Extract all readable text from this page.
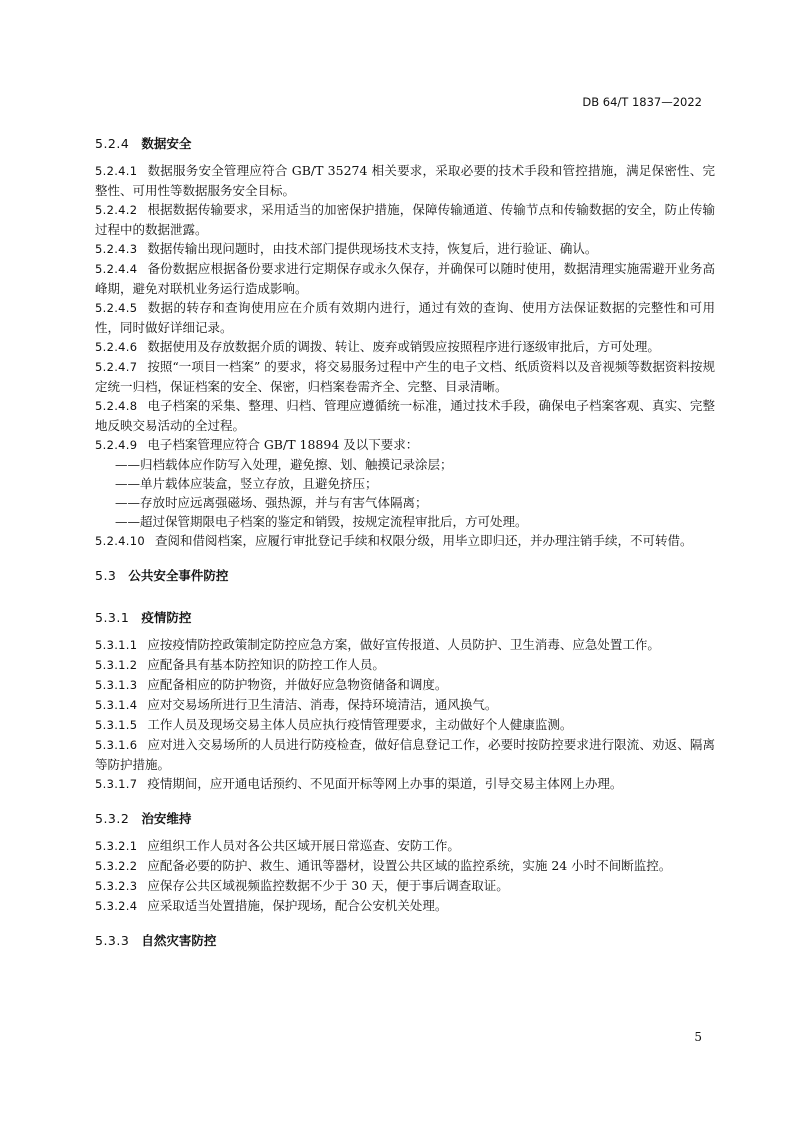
DB 64/T 1837—2022
5.2.4 数据安全

5.2.4.1 数据服务安全管理应符合 GB/T 35274 相关要求，采取必要的技术手段和管控措施，满足保密性、完整性、可用性等数据服务安全目标。

5.2.4.2 根据数据传输要求，采用适当的加密保护措施，保障传输通道、传输节点和传输数据的安全，防止传输过程中的数据泄露。

5.2.4.3 数据传输出现问题时，由技术部门提供现场技术支持，恢复后，进行验证、确认。

5.2.4.4 备份数据应根据备份要求进行定期保存或永久保存，并确保可以随时使用，数据清理实施需避开业务高峰期，避免对联机业务运行造成影响。

5.2.4.5 数据的转存和查询使用应在介质有效期内进行，通过有效的查询、使用方法保证数据的完整性和可用性，同时做好详细记录。

5.2.4.6 数据使用及存放数据介质的调拨、转让、废弃或销毁应按照程序进行逐级审批后，方可处理。

5.2.4.7 按照“一项目一档案” 的要求，将交易服务过程中产生的电子文档、纸质资料以及音视频等数据资料按规定统一归档，保证档案的安全、保密，归档案卷需齐全、完整、目录清晰。

5.2.4.8 电子档案的采集、整理、归档、管理应遵循统一标准，通过技术手段，确保电子档案客观、真实、完整地反映交易活动的全过程。

5.2.4.9 电子档案管理应符合 GB/T 18894 及以下要求：

——归档载体应作防写入处理，避免擦、划、触摸记录涂层；

——单片载体应装盒，竖立存放，且避免挤压；

——存放时应远离强磁场、强热源，并与有害气体隔离；

——超过保管期限电子档案的鉴定和销毁，按规定流程审批后，方可处理。

5.2.4.10 查阅和借阅档案，应履行审批登记手续和权限分级，用毕立即归还，并办理注销手续，不可转借。

5.3 公共安全事件防控
5.3.1 疫情防控

5.3.1.1 应按疫情防控政策制定防控应急方案，做好宣传报道、人员防护、卫生消毒、应急处置工作。

5.3.1.2 应配备具有基本防控知识的防控工作人员。

5.3.1.3 应配备相应的防护物资，并做好应急物资储备和调度。

5.3.1.4 应对交易场所进行卫生清洁、消毒，保持环境清洁，通风换气。

5.3.1.5 工作人员及现场交易主体人员应执行疫情管理要求，主动做好个人健康监测。

5.3.1.6 应对进入交易场所的人员进行防疫检查，做好信息登记工作，必要时按防控要求进行限流、劝返、隔离等防护措施。

5.3.1.7 疫情期间，应开通电话预约、不见面开标等网上办事的渠道，引导交易主体网上办理。

5.3.2 治安维持

5.3.2.1 应组织工作人员对各公共区域开展日常巡查、安防工作。

5.3.2.2 应配备必要的防护、救生、通讯等器材，设置公共区域的监控系统，实施 24 小时不间断监控。

5.3.2.3 应保存公共区域视频监控数据不少于 30 天，便于事后调查取证。

5.3.2.4 应采取适当处置措施，保护现场，配合公安机关处理。

5.3.3 自然灾害防控
5
